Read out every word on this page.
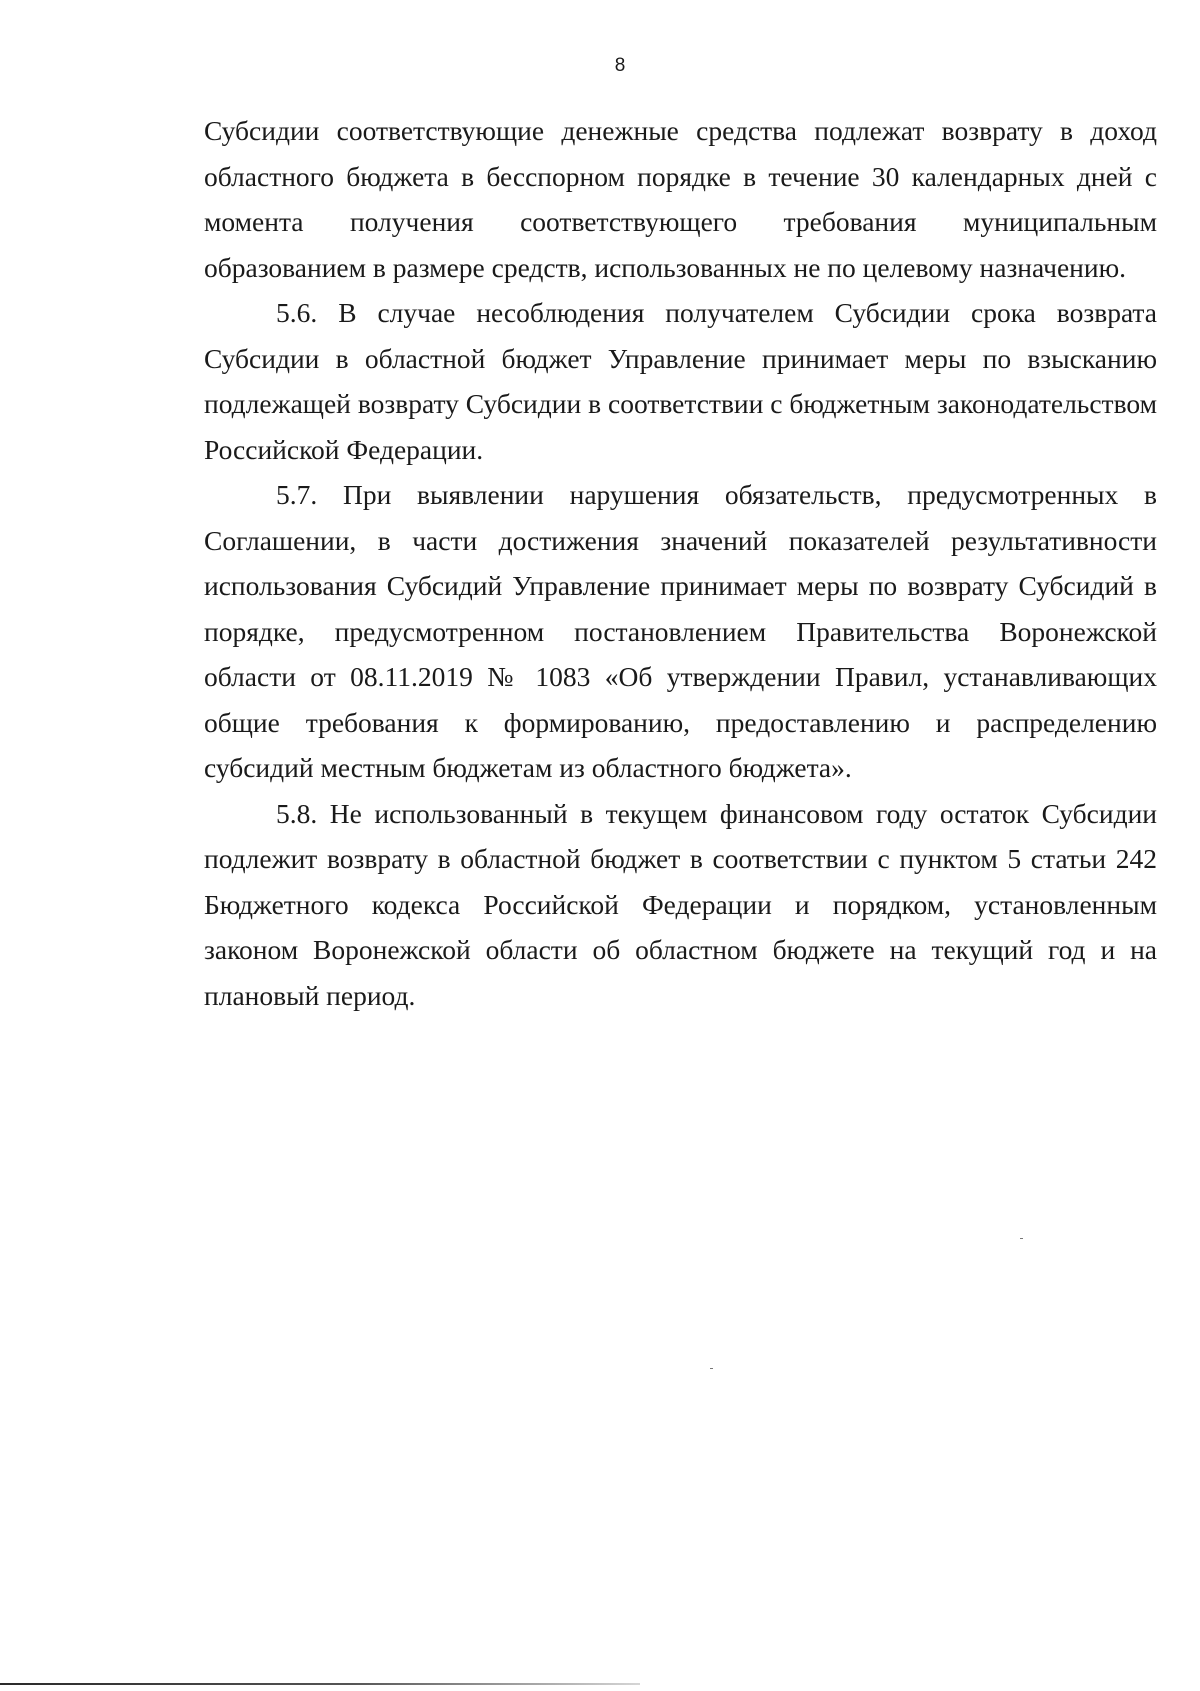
8

Субсидии соответствующие денежные средства подлежат возврату в доход областного бюджета в бесспорном порядке в течение 30 календарных дней с момента получения соответствующего требования муниципальным образованием в размере средств, использованных не по целевому назначению.

5.6. В случае несоблюдения получателем Субсидии срока возврата Субсидии в областной бюджет Управление принимает меры по взысканию подлежащей возврату Субсидии в соответствии с бюджетным законодательством Российской Федерации.

5.7. При выявлении нарушения обязательств, предусмотренных в Соглашении, в части достижения значений показателей результативности использования Субсидий Управление принимает меры по возврату Субсидий в порядке, предусмотренном постановлением Правительства Воронежской области от 08.11.2019 № 1083 «Об утверждении Правил, устанавливающих общие требования к формированию, предоставлению и распределению субсидий местным бюджетам из областного бюджета».

5.8. Не использованный в текущем финансовом году остаток Субсидии подлежит возврату в областной бюджет в соответствии с пунктом 5 статьи 242 Бюджетного кодекса Российской Федерации и порядком, установленным законом Воронежской области об областном бюджете на текущий год и на плановый период.
